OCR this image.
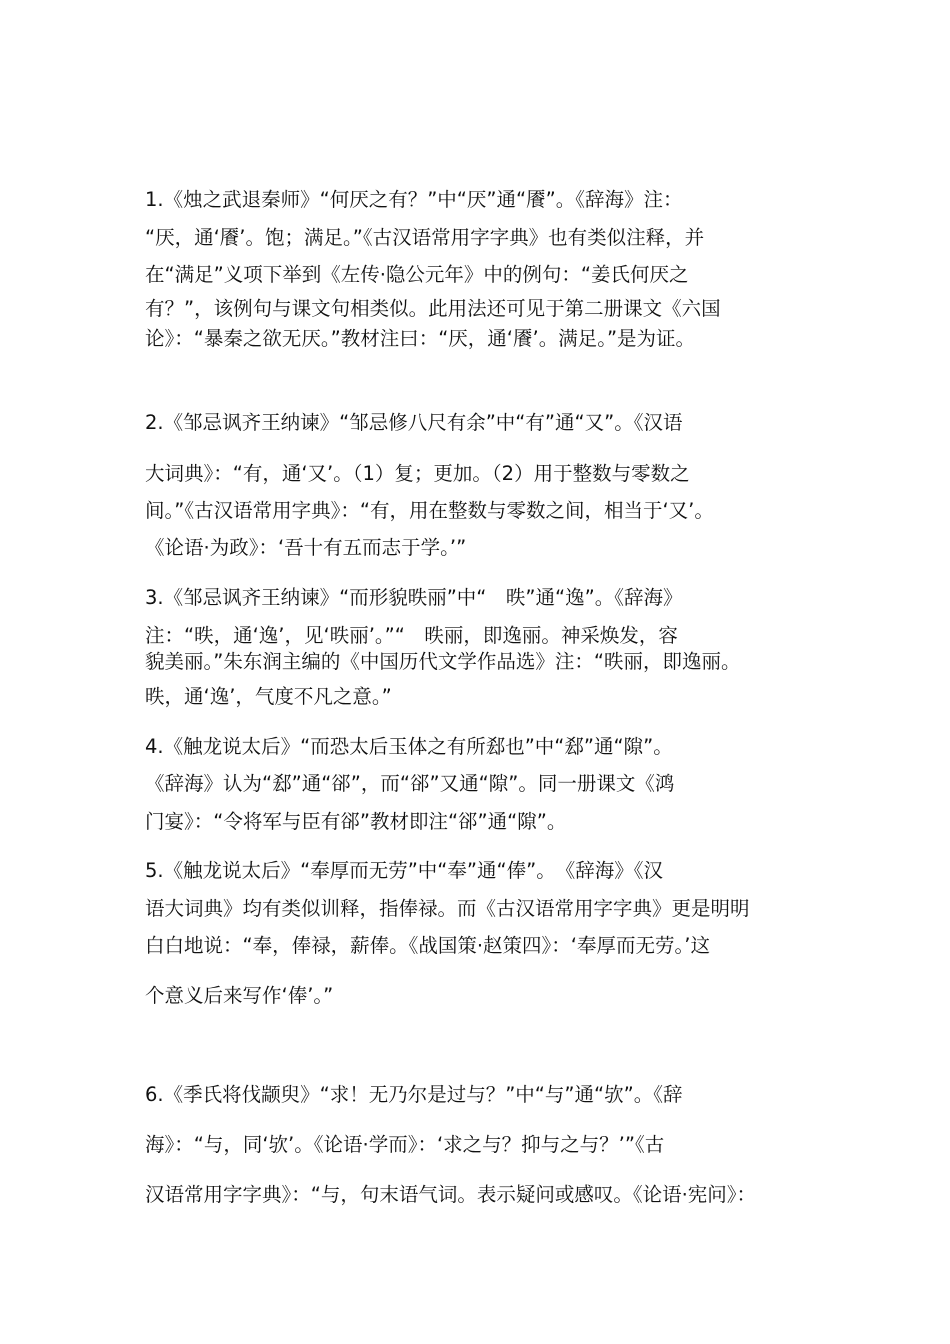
1.《烛之武退秦师》“何厌之有？”中“厌”通“餍”。《辞海》注：
“厌，通‘餍’。饱；满足。”《古汉语常用字字典》也有类似注释，并
在“满足”义项下举到《左传·隐公元年》中的例句：“姜氏何厌之
有？”，该例句与课文句相类似。此用法还可见于第二册课文《六国
论》：“暴秦之欲无厌。”教材注曰：“厌，通‘餍’。满足。”是为证。
2.《邹忌讽齐王纳谏》“邹忌修八尺有余”中“有”通“又”。《汉语
大词典》：“有，通‘又’。（1）复；更加。（2）用于整数与零数之
间。”《古汉语常用字典》：“有，用在整数与零数之间，相当于‘又’。
《论语·为政》：‘吾十有五而志于学。’”
3.《邹忌讽齐王纳谏》“而形貌昳丽”中“　昳”通“逸”。《辞海》
注：“昳，通‘逸’，见‘昳丽’。”“　昳丽，即逸丽。神采焕发，容
貌美丽。”朱东润主编的《中国历代文学作品选》注：“昳丽，即逸丽。
昳，通‘逸’，气度不凡之意。”
4.《触龙说太后》“而恐太后玉体之有所郄也”中“郄”通“隙”。
《辞海》认为“郄”通“郤”，而“郤”又通“隙”。同一册课文《鸿
门宴》：“令将军与臣有郤”教材即注“郤”通“隙”。
5.《触龙说太后》“奉厚而无劳”中“奉”通“俸”。　《辞海》《汉
语大词典》均有类似训释，指俸禄。而《古汉语常用字字典》更是明明
白白地说：“奉，俸禄，薪俸。《战国策·赵策四》：‘奉厚而无劳。’这
个意义后来写作‘俸’。”
6.《季氏将伐颛臾》“求！无乃尔是过与？”中“与”通“欤”。《辞
海》：“与，同‘欤’。《论语·学而》：‘求之与？抑与之与？’”《古
汉语常用字字典》：“与，句末语气词。表示疑问或感叹。《论语·宪问》：
